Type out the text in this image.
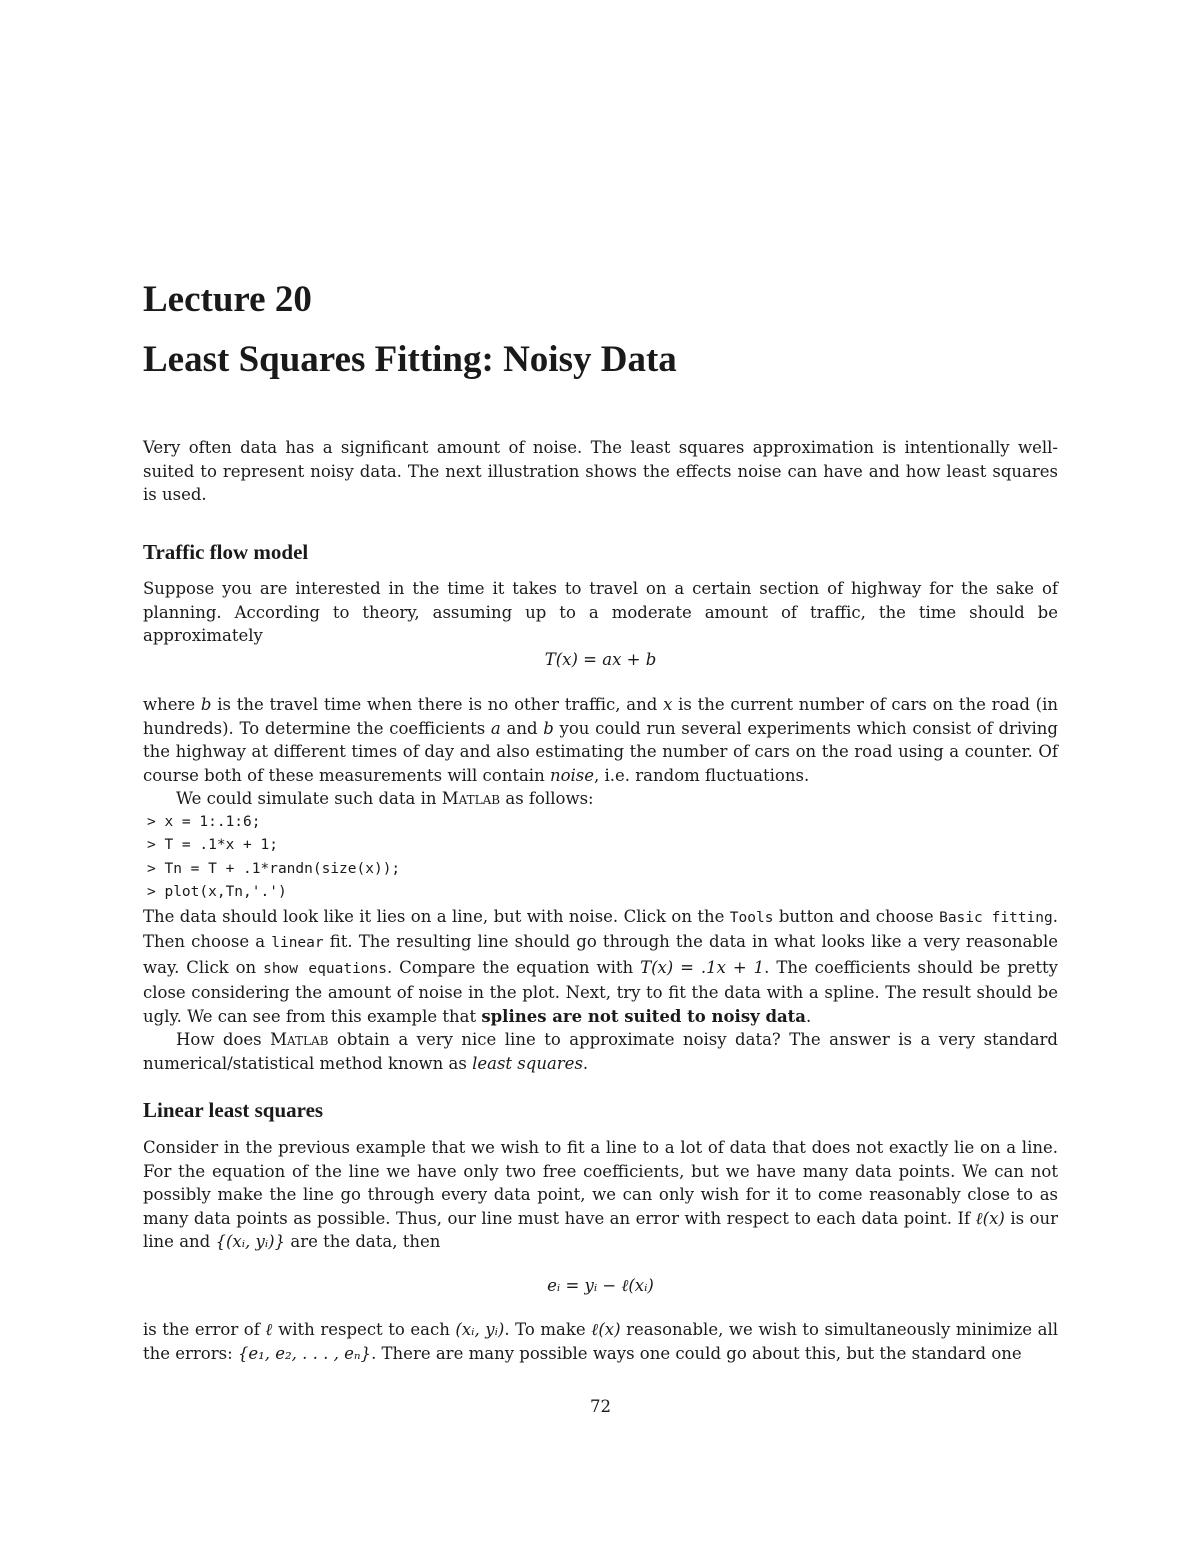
Lecture 20
Least Squares Fitting: Noisy Data

Very often data has a significant amount of noise. The least squares approximation is intentionally well-suited to represent noisy data. The next illustration shows the effects noise can have and how least squares is used.

Traffic flow model

Suppose you are interested in the time it takes to travel on a certain section of highway for the sake of planning. According to theory, assuming up to a moderate amount of traffic, the time should be approximately

T(x) = ax + b

where b is the travel time when there is no other traffic, and x is the current number of cars on the road (in hundreds). To determine the coefficients a and b you could run several experiments which consist of driving the highway at different times of day and also estimating the number of cars on the road using a counter. Of course both of these measurements will contain noise, i.e. random fluctuations.

We could simulate such data in Matlab as follows:

> x = 1:.1:6;
> T = .1*x + 1;
> Tn = T + .1*randn(size(x));
> plot(x,Tn,'.')

The data should look like it lies on a line, but with noise. Click on the Tools button and choose Basic fitting. Then choose a linear fit. The resulting line should go through the data in what looks like a very reasonable way. Click on show equations. Compare the equation with T(x) = .1x + 1. The coefficients should be pretty close considering the amount of noise in the plot. Next, try to fit the data with a spline. The result should be ugly. We can see from this example that splines are not suited to noisy data.

How does Matlab obtain a very nice line to approximate noisy data? The answer is a very standard numerical/statistical method known as least squares.

Linear least squares

Consider in the previous example that we wish to fit a line to a lot of data that does not exactly lie on a line. For the equation of the line we have only two free coefficients, but we have many data points. We can not possibly make the line go through every data point, we can only wish for it to come reasonably close to as many data points as possible. Thus, our line must have an error with respect to each data point. If ℓ(x) is our line and {(xᵢ, yᵢ)} are the data, then

eᵢ = yᵢ − ℓ(xᵢ)

is the error of ℓ with respect to each (xᵢ, yᵢ). To make ℓ(x) reasonable, we wish to simultaneously minimize all the errors: {e₁, e₂, . . . , eₙ}. There are many possible ways one could go about this, but the standard one

72
